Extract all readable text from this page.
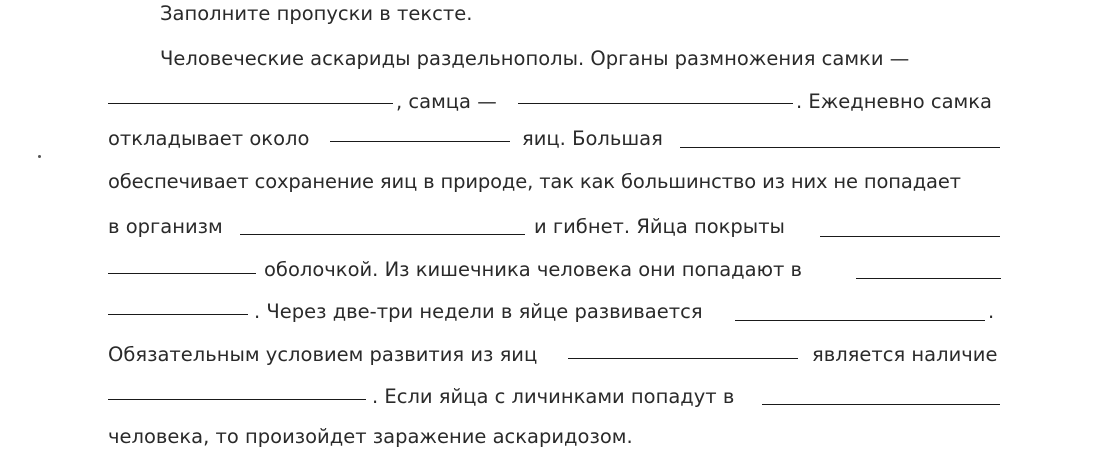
Заполните пропуски в тексте.
Человеческие аскариды раздельнополы. Органы размножения самки —
, самца —	. Ежедневно самка
откладывает около	яиц. Большая
обеспечивает сохранение яиц в природе, так как большинство из них не попадает
в организм	и гибнет. Яйца покрыты
оболочкой. Из кишечника человека они попадают в
. Через две-три недели в яйце развивается	.
Обязательным условием развития из яиц	является наличие
. Если яйца с личинками попадут в
человека, то произойдет заражение аскаридозом.
